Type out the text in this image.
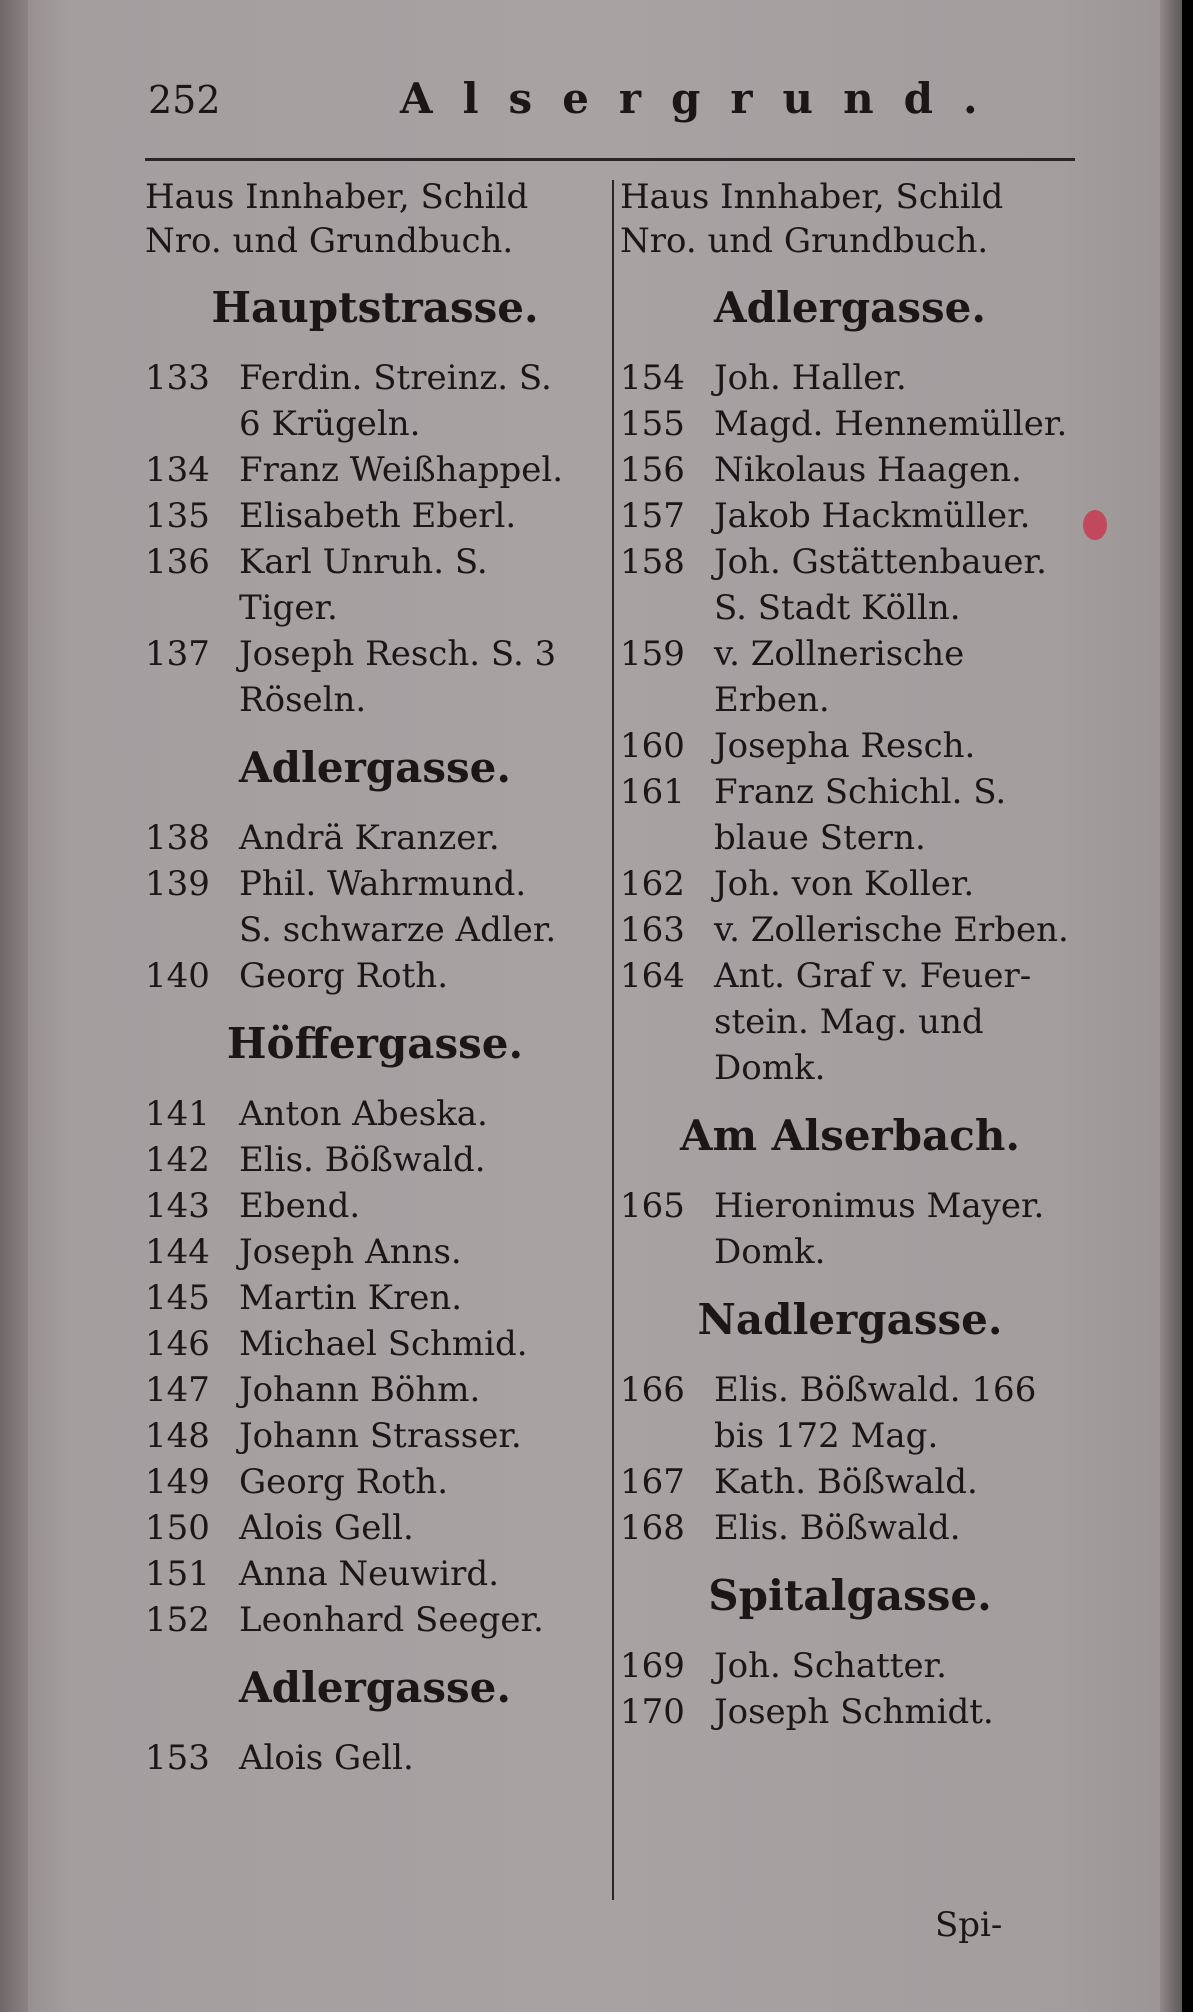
252	Alsergrund.
Haus Innhaber, Schild
Nro. und Grundbuch.
Hauptstrasse.
133 Ferdin. Streinz. S.
6 Krügeln.
134 Franz Weißhappel.
135 Elisabeth Eberl.
136 Karl Unruh. S.
Tiger.
137 Joseph Resch. S. 3
Röseln.
Adlergasse.
138 Andrä Kranzer.
139 Phil. Wahrmund.
S. schwarze Adler.
140 Georg Roth.
Höffergasse.
141 Anton Abeska.
142 Elis. Bößwald.
143 Ebend.
144 Joseph Anns.
145 Martin Kren.
146 Michael Schmid.
147 Johann Böhm.
148 Johann Strasser.
149 Georg Roth.
150 Alois Gell.
151 Anna Neuwird.
152 Leonhard Seeger.
Adlergasse.
153 Alois Gell.
Haus Innhaber, Schild
Nro. und Grundbuch.
Adlergasse.
154 Joh. Haller.
155 Magd. Hennemüller.
156 Nikolaus Haagen.
157 Jakob Hackmüller.
158 Joh. Gstättenbauer.
S. Stadt Kölln.
159 v. Zollnerische Erben.
160 Josepha Resch.
161 Franz Schichl. S.
blaue Stern.
162 Joh. von Koller.
163 v. Zollerische Erben.
164 Ant. Graf v. Feuer-
stein. Mag. und
Domk.
Am Alserbach.
165 Hieronimus Mayer.
Domk.
Nadlergasse.
166 Elis. Bößwald. 166
bis 172 Mag.
167 Kath. Bößwald.
168 Elis. Bößwald.
Spitalgasse.
169 Joh. Schatter.
170 Joseph Schmidt.
Spi-
